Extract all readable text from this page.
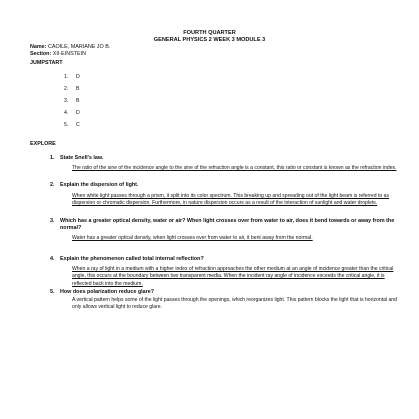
FOURTH QUARTER
GENERAL PHYSICS 2 WEEK 3 MODULE 3
Name: CAOILE, MARIANE JO B.
Section: XII-EINSTEIN
JUMPSTART
1. D
2. B
3. B
4. D
5. C
EXPLORE
1. State Snell’s law.
The ratio of the sine of the incidence angle to the sine of the refraction angle is a constant, this ratio or constant is known as the refraction index.
2. Explain the dispersion of light.
When white light passes through a prism, it split into its color spectrum. This breaking up and spreading out of the light beam is referred to as dispersion or chromatic dispersion. Furthermore, in nature dispersion occurs as a result of the interaction of sunlight and water droplets.
3. Which has a greater optical density, water or air? When light crosses over from water to air, does it bend towards or away from the normal?
Water has a greater optical density, when light crosses over from water to air, it bent away from the normal.
4. Explain the phenomenon called total internal reflection?
When a ray of light in a medium with a higher index of refraction approaches the other medium at an angle of incidence greater than the critical angle, this occurs at the boundary between two transparent media. When the incident ray angle of incidence exceeds the critical angle, it is reflected back into the medium.
5. How does polarization reduce glare?
A vertical pattern helps some of the light passes through the openings, which reorganizes light. This pattern blocks the light that is horizontal and only allows vertical light to reduce glare.
